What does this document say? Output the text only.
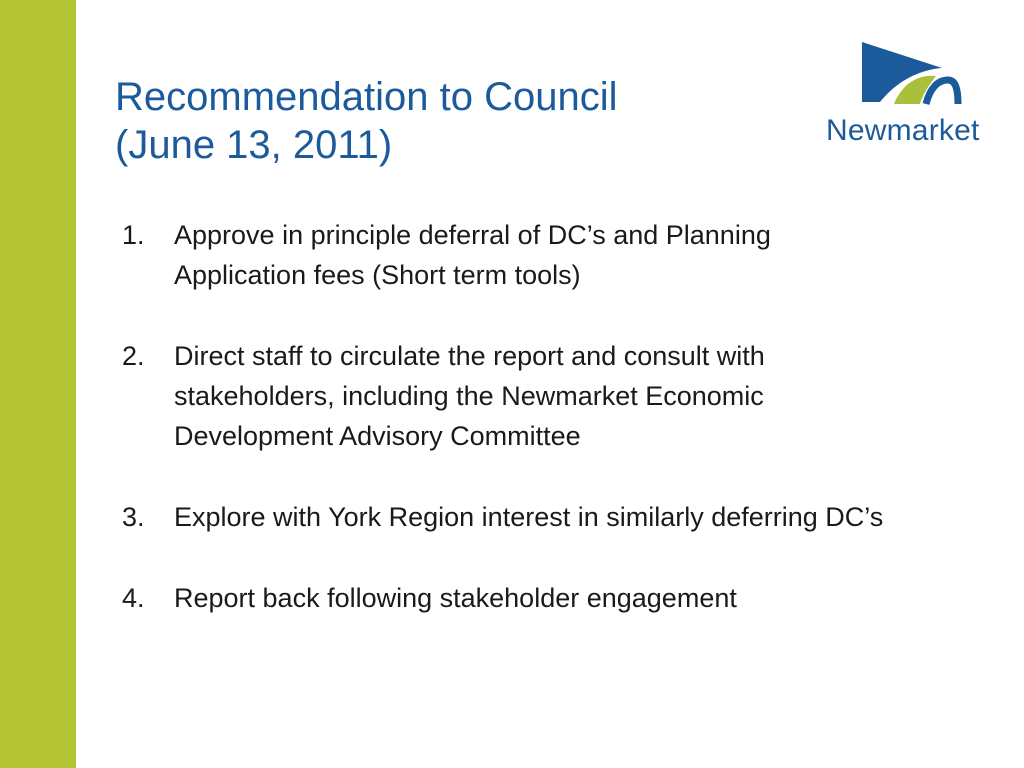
Recommendation to Council
(June 13, 2011)	Newmarket
1. Approve in principle deferral of DC’s and Planning Application fees (Short term tools)
2. Direct staff to circulate the report and consult with stakeholders, including the Newmarket Economic Development Advisory Committee
3. Explore with York Region interest in similarly deferring DC’s
4. Report back following stakeholder engagement
